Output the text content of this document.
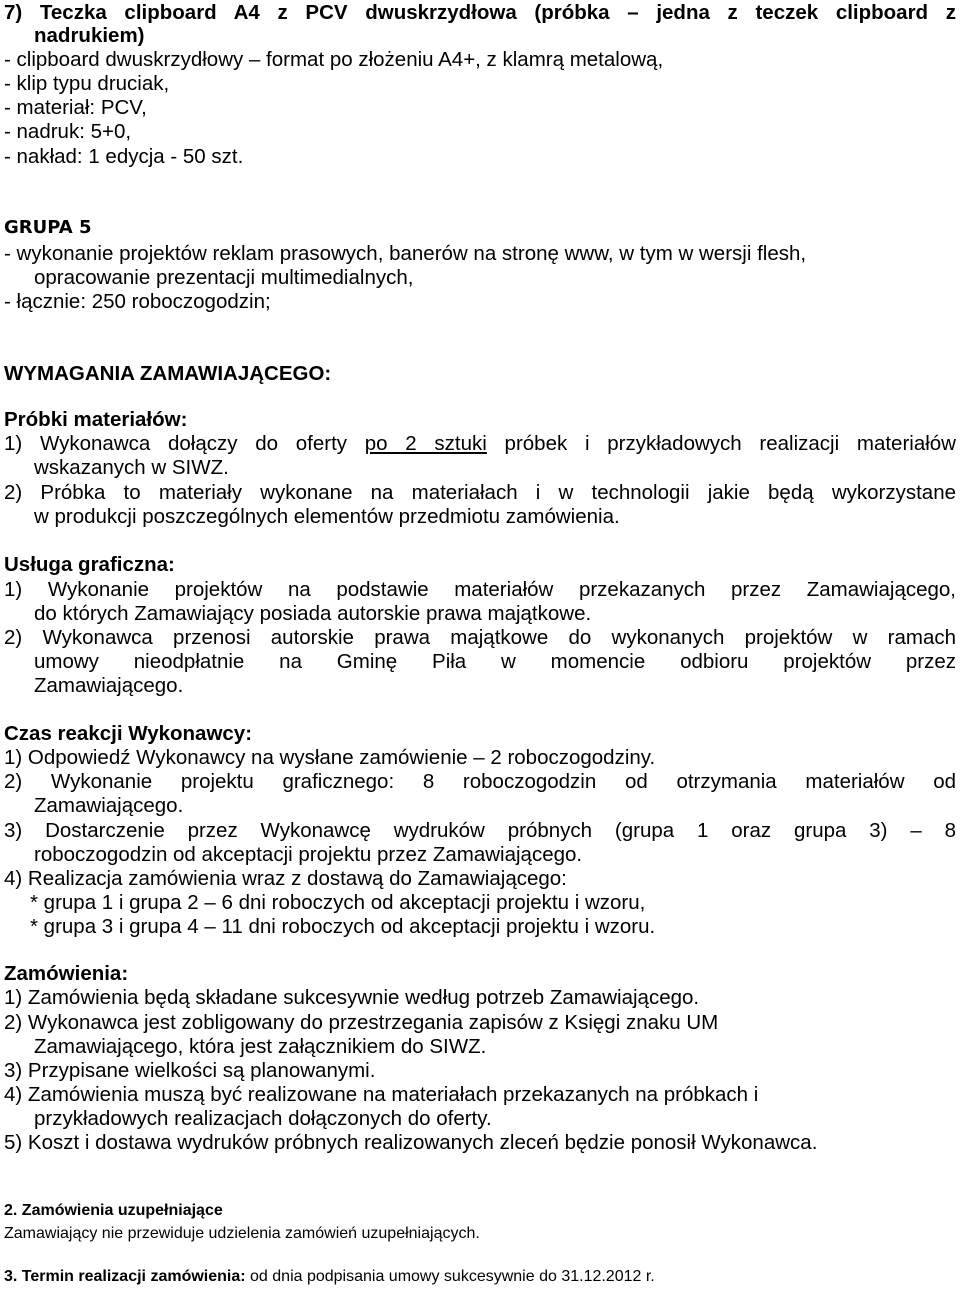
7) Teczka clipboard A4 z PCV dwuskrzydłowa (próbka – jedna z teczek clipboard z
nadrukiem)
- clipboard dwuskrzydłowy – format po złożeniu A4+, z klamrą metalową,
- klip typu druciak,
- materiał: PCV,
- nadruk: 5+0,
- nakład: 1 edycja - 50 szt.
GRUPA 5
- wykonanie projektów reklam prasowych, banerów na stronę www, w tym w wersji flesh,
opracowanie prezentacji multimedialnych,
- łącznie: 250 roboczogodzin;
WYMAGANIA ZAMAWIAJĄCEGO:
Próbki materiałów:
1) Wykonawca dołączy do oferty po 2 sztuki próbek i przykładowych realizacji materiałów
wskazanych w SIWZ.
2) Próbka to materiały wykonane na materiałach i w technologii jakie będą wykorzystane
w produkcji poszczególnych elementów przedmiotu zamówienia.
Usługa graficzna:
1) Wykonanie projektów na podstawie materiałów przekazanych przez Zamawiającego,
do których Zamawiający posiada autorskie prawa majątkowe.
2) Wykonawca przenosi autorskie prawa majątkowe do wykonanych projektów w ramach
umowy nieodpłatnie na Gminę Piła w momencie odbioru projektów przez
Zamawiającego.
Czas reakcji Wykonawcy:
1) Odpowiedź Wykonawcy na wysłane zamówienie – 2 roboczogodziny.
2) Wykonanie projektu graficznego: 8 roboczogodzin od otrzymania materiałów od
Zamawiającego.
3) Dostarczenie przez Wykonawcę wydruków próbnych (grupa 1 oraz grupa 3) – 8
roboczogodzin od akceptacji projektu przez Zamawiającego.
4) Realizacja zamówienia wraz z dostawą do Zamawiającego:
* grupa 1 i grupa 2 – 6 dni roboczych od akceptacji projektu i wzoru,
* grupa 3 i grupa 4 – 11 dni roboczych od akceptacji projektu i wzoru.
Zamówienia:
1) Zamówienia będą składane sukcesywnie według potrzeb Zamawiającego.
2) Wykonawca jest zobligowany do przestrzegania zapisów z Księgi znaku UM
Zamawiającego, która jest załącznikiem do SIWZ.
3) Przypisane wielkości są planowanymi.
4) Zamówienia muszą być realizowane na materiałach przekazanych na próbkach i
przykładowych realizacjach dołączonych do oferty.
5) Koszt i dostawa wydruków próbnych realizowanych zleceń będzie ponosił Wykonawca.
2. Zamówienia uzupełniające
Zamawiający nie przewiduje udzielenia zamówień uzupełniających.
3. Termin realizacji zamówienia: od dnia podpisania umowy sukcesywnie do 31.12.2012 r.
